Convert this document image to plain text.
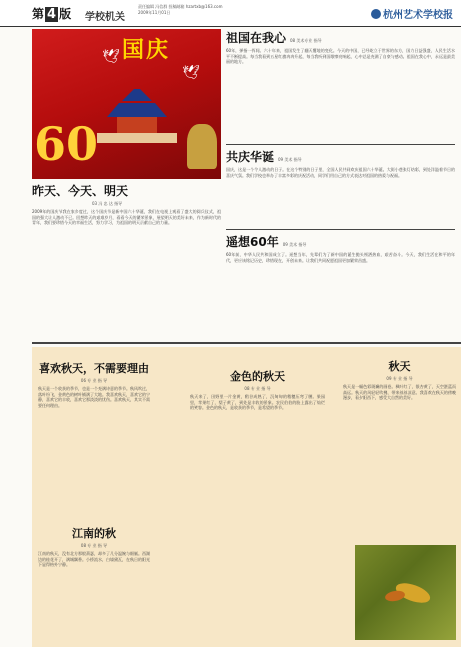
第 4 版 学校机关
责任编辑 冯信群 投稿邮箱 hzartxb@163.com
2009年11月01日	杭州艺术学校报
国庆
🕊
🕊
60
昨天、今天、明天
03 冯 忠 达 指导
2009年的国庆节我在家乡度过，这个国庆节是新中国六十华诞，我们在电视上观看了盛大的阅兵仪式，祖国的强大让人激动不已。回想昨天的艰难岁月，看看今天的繁荣景象，展望明天的美好未来，作为新时代的青年，我们要珍惜今天的幸福生活，努力学习，为祖国的明天贡献自己的力量。
祖国在我心 08 美术专业 指导
60年，弹指一挥间。六十年来，祖国发生了翻天覆地的变化。今天的中国，已经屹立于世界的东方，国力日益强盛，人民生活水平不断提高。每当我看到五星红旗冉冉升起，每当我听到国歌嘹亮响起，心中总是充满了自豪与感动。祖国在我心中，永远是最美丽的地方。
共庆华诞 09 美术 指导
国庆，这是一个令人激动的日子。在这个特别的日子里，全国人民共同欢庆祖国六十华诞。大街小巷张灯结彩，到处洋溢着节日的喜庆气氛。我们学校也举办了丰富多彩的庆祝活动，同学们用自己的方式表达对祖国的热爱与祝福。
遥想60年 09 美术 指导
60年前，中华人民共和国成立了。遥想当年，先辈们为了新中国的诞生抛头颅洒热血，艰苦奋斗。今天，我们生活在和平的年代，更应该铭记历史，珍惜现在，开创未来。让我们共同祝愿祖国更加繁荣昌盛。
喜欢秋天，不需要理由
06 专 业 指 导
秋天是一个收获的季节，也是一个充满诗意的季节。秋风吹过，落叶纷飞，金黄色的树叶铺满了大地。我喜欢秋天，喜欢它的宁静，喜欢它的丰收，喜欢它那淡淡的忧伤。喜欢秋天，其实不需要任何理由。
江南的秋
08 专 业 指 导
江南的秋天，没有北方那般萧瑟，却多了几分温婉与细腻。西湖边的桂花开了，满城飘香。小桥流水，白墙黛瓦，在秋日的阳光下显得格外宁静。
金色的秋天
08 专 业 指 导
秋天来了，田野里一片金黄，稻谷成熟了，沉甸甸的稻穗压弯了腰。果园里，苹果红了，梨子黄了，到处是丰收的景象。农民伯伯的脸上露出了灿烂的笑容。金色的秋天，是收获的季节，是希望的季节。
秋天
09 专 业 指 导
秋天是一幅色彩斑斓的画卷。枫叶红了，银杏黄了，天空湛蓝而高远。秋天的风轻轻吹拂，带来丝丝凉意。我喜欢在秋天的傍晚漫步，看夕阳西下，感受大自然的美好。
